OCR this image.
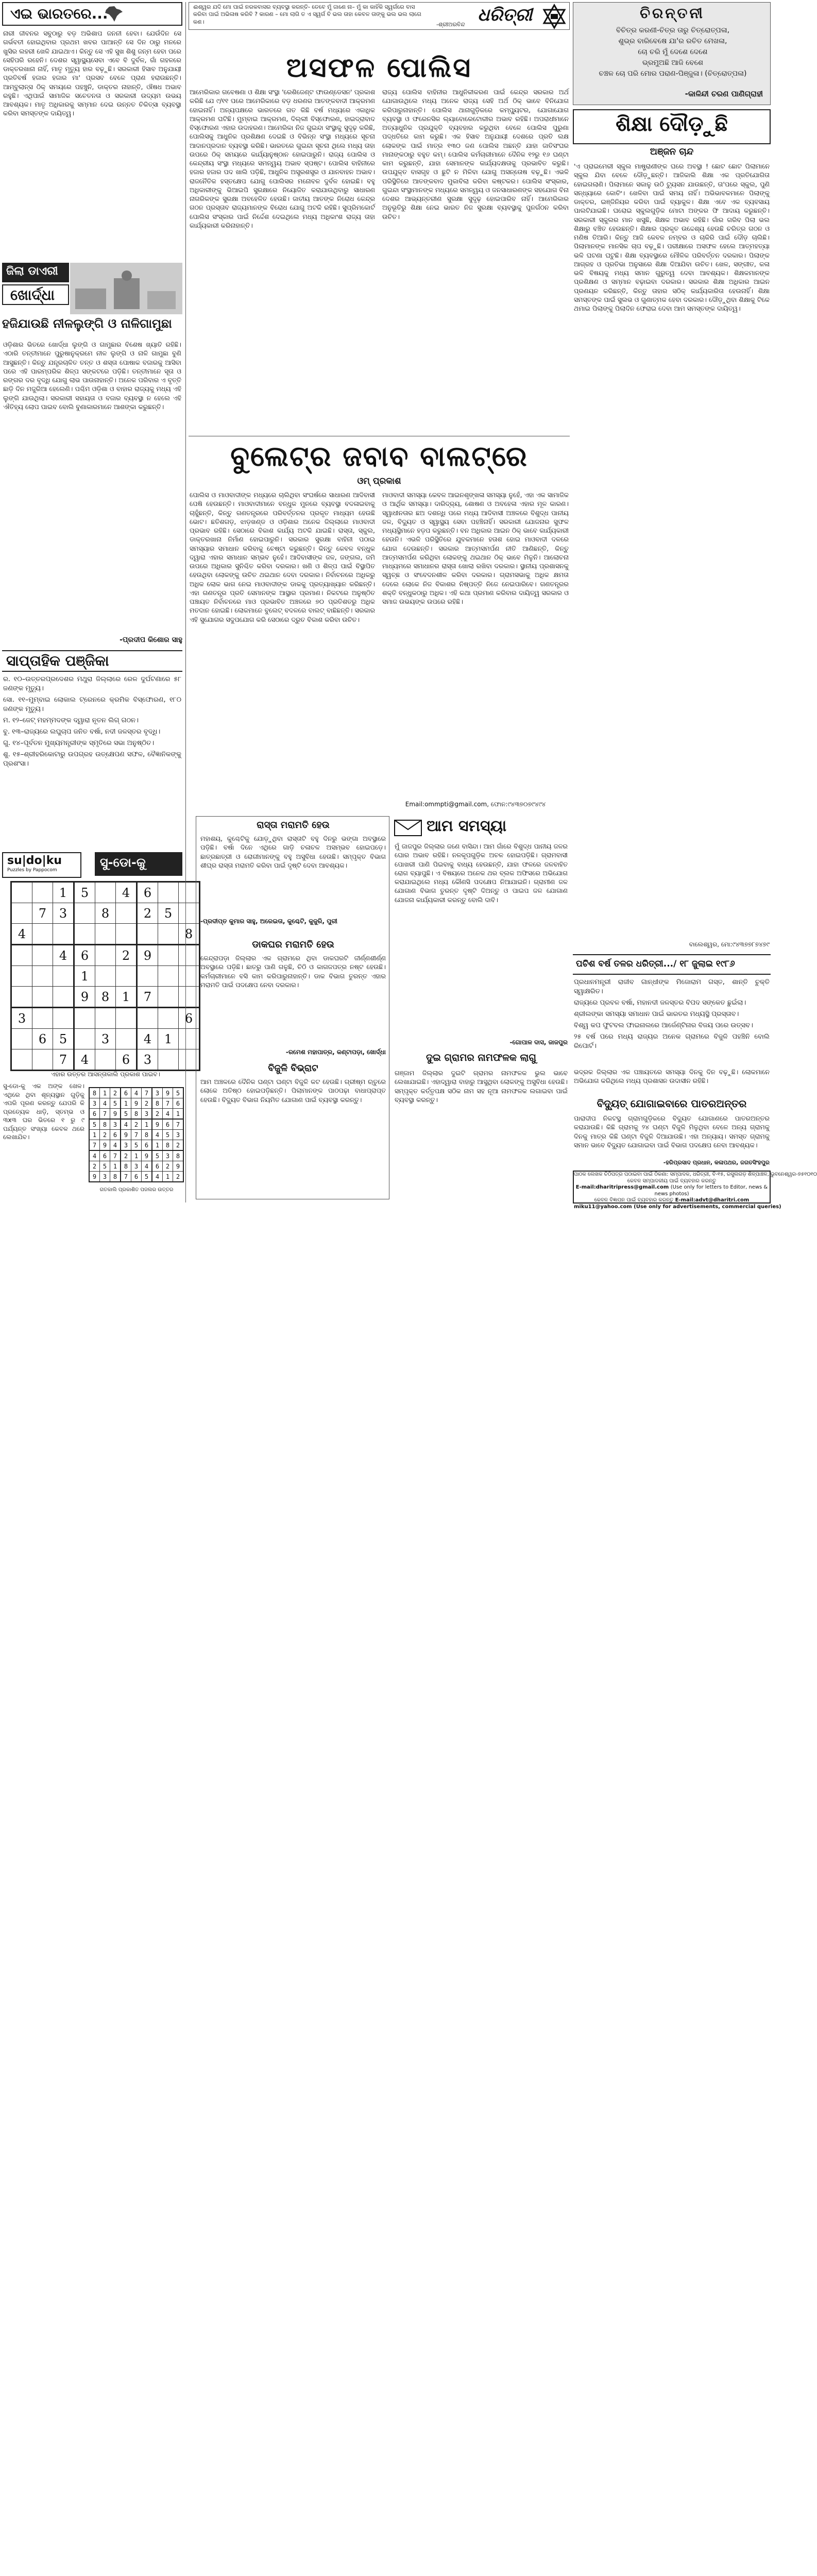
ଏଇ ଭାରତରେ...

ନାରୀ ଜୀବନର ସବୁଠାରୁ ବଡ଼ ଅଭିଶାପ ଜନନୀ ହେବା। ଯେଉଁଦିନ ସେ ଗର୍ଭବତୀ ହୋଇଥିବାର ପ୍ରଥମ ଖବର ପାଆନ୍ତି ସେ ଦିନ ଠାରୁ ମନରେ ଖୁସିର ଲହରୀ ଖେଳି ଯାଇଥାଏ। କିନ୍ତୁ ସେ ଏହି ସୁଖ ଶିଶୁ ଜନ୍ମ ହେବା ପରେ ସେହିପରି ରହେନି। ଦେଶର ସ୍ୱାସ୍ଥ୍ୟସେବା ଏବେ ବି ଦୁର୍ବଳ, ଗାଁ ଗହଳରେ ଡାକ୍ତରଖାନା ନାହିଁ, ମାତୃ ମୃତ୍ୟୁ ହାର ବଢ଼ୁଛି। ସରକାରୀ ହିସାବ ଅନୁଯାୟୀ ପ୍ରତିବର୍ଷ ହଜାର ହଜାର ମା' ପ୍ରସବ ବେଳେ ପ୍ରାଣ ହରାଉଛନ୍ତି। ଆମ୍ବୁଲାନ୍ସ ଠିକ୍ ସମୟରେ ପହଞ୍ଚୁନି, ଡାକ୍ତର ନାହାନ୍ତି, ଔଷଧ ଅଭାବ ରହୁଛି। ଏଥିପାଇଁ ସାମାଜିକ ସଚେତନତା ଓ ସରକାରୀ ଉଦ୍ୟମ ଉଭୟ ଆବଶ୍ୟକ। ମାତୃ ଅଧିକାରକୁ ସମ୍ମାନ ଦେଇ ଉନ୍ନତ ଚିକିତ୍ସା ବ୍ୟବସ୍ଥା କରିବା ସମସ୍ତଙ୍କ ଦାୟିତ୍ୱ।

ଜିଲା ଡାଏରୀ
ଖୋର୍ଦ୍ଧା
ହଜିଯାଉଛି ନୀଳଲୁଙ୍ଗି ଓ ନାଳିଗାମୁଛା

ଓଡ଼ିଶାର ଭିତରେ ଖୋର୍ଦ୍ଧା ଲୁଙ୍ଗି ଓ ଗାମୁଛାର ବିଶେଷ ଖ୍ୟାତି ରହିଛି। ଏଠାରି ତନ୍ତୀମାନେ ପୁରୁଷାନୁକ୍ରମେ ନୀଳ ଲୁଙ୍ଗି ଓ ନାଳି ଗାମୁଛା ବୁଣି ଆସୁଛନ୍ତି। କିନ୍ତୁ ଯନ୍ତ୍ରଚାଳିତ ତନ୍ତ ଓ ଶସ୍ତା ପୋଷାକ ବଜାରକୁ ଆସିବା ପରେ ଏହି ପାରମ୍ପରିକ ଶିଳ୍ପ ସଙ୍କଟରେ ପଡ଼ିଛି। ତନ୍ତୀମାନେ ସୂତା ଓ ରଙ୍ଗର ଦର ବୃଦ୍ଧି ଯୋଗୁ ଲାଭ ପାଉନାହାନ୍ତି। ଅନେକ ପରିବାର ଏ ବୃତ୍ତି ଛାଡ଼ି ଦିନ ମଜୁରିଆ ହେଲେଣି। ପଶ୍ଚିମ ଓଡ଼ିଶା ଓ ବାହାର ରାଜ୍ୟକୁ ମଧ୍ୟ ଏହି ଲୁଙ୍ଗି ଯାଉଥିଲା। ସରକାରୀ ସହାୟତା ଓ ବଜାର ବ୍ୟବସ୍ଥା ନ ହେଲେ ଏହି ଐତିହ୍ୟ ଲୋପ ପାଇବ ବୋଲି ବୁଣାକାରମାନେ ଆଶଙ୍କା କରୁଛନ୍ତି।

-ପ୍ରଦୀପ କିଶୋର ସାହୁ
ସାପ୍ତାହିକ ପଞ୍ଜିକା

ର. ୧୦–ଉତ୍ତରପ୍ରଦେଶର ମଥୁରା ଜିଲ୍ଲାରେ ରେଳ ଦୁର୍ଘଟଣାରେ ୫୮ ଜଣଙ୍କ ମୃତ୍ୟୁ।

ସୋ. ୧୧–ମୁମ୍ବାଇ ଲୋକାଲ ଟ୍ରେନରେ କ୍ରମିକ ବିସ୍ଫୋରଣ, ୧୮୦ ଜଣଙ୍କ ମୃତ୍ୟୁ।

ମ. ୧୨–ଜେଟ୍ ମହମ୍ମଦଙ୍କ ଦ୍ୱାରା ନୂତନ ଲିଗ୍ ଗଠନ।

ବୁ. ୧୩–ରାଜ୍ୟରେ ଲଘୁଚାପ ଜନିତ ବର୍ଷା, ନଦୀ ଜଳସ୍ତର ବୃଦ୍ଧି।

ଗୁ. ୧୪–ପୂର୍ବତନ ମୁଖ୍ୟମନ୍ତ୍ରୀଙ୍କ ସ୍ମୃତିରେ ସଭା ଅନୁଷ୍ଠିତ।

ଶୁ. ୧୫–ଶ୍ରୀହରିକୋଟାରୁ ଉପଗ୍ରହ ଉତ୍କ୍ଷେପଣ ସଫଳ, ବୈଜ୍ଞାନିକଙ୍କୁ ପ୍ରଶଂସା।

su|do|ku
Puzzles by Pappocom
ସୁ-ଡୋ-କୁ
		1	5		4	6		
	7	3		8		2	5	
4								8
		4	6		2	9		
			1					
			9	8	1	7		
3								6
	6	5		3		4	1	
		7	4		6	3		
ଏହାର ଉତ୍ତର ଆସନ୍ତାକାଲି ପ୍ରକାଶ ପାଇବ।

ସୁ-ଡୋ-କୁ ଏକ ଅଙ୍କ ଖେଳ। ଏଥିରେ ଥିବା ଶୂନ୍ୟସ୍ଥାନ ଗୁଡ଼ିକୁ ଏପରି ପୂରଣ କରନ୍ତୁ ଯେପରି କି ପ୍ରତ୍ୟେକ ଧାଡ଼ି, ସ୍ତମ୍ଭ ଓ ୩x୩ ଘର ଭିତରେ ୧ ରୁ ୯ ପର୍ଯ୍ୟନ୍ତ ସଂଖ୍ୟା କେବଳ ଥରେ ଲେଖାଯିବ।

8	1	2	6	4	7	3	9	5
3	4	5	1	9	2	8	7	6
6	7	9	5	8	3	2	4	1
5	8	3	4	2	1	9	6	7
1	2	6	9	7	8	4	5	3
7	9	4	3	5	6	1	8	2
4	6	7	2	1	9	5	3	8
2	5	1	8	3	4	6	2	9
9	3	8	7	6	5	4	1	2
ଗତକାଲି ପ୍ରକାଶିତ ପଜଲର ଉତ୍ତର
ଈଶ୍ୱର ଯଦି ମୋ ପାଇଁ ନରକବାସର ବ୍ୟବସ୍ଥା କରନ୍ତି- ତେବେ ମୁଁ ଜାଣେ ନା– ମୁଁ କା କାହିଁକି ସ୍ୱର୍ଗରେ ବାସ କରିବା ପାଇଁ ଅଭିଳାଷ କରିବି ? କାରଣ – ମୋ ଲାଗି ତ ଏ ସ୍ୱର୍ଗ ବି ଭଲ ତାହା କେବଳ ତାଙ୍କୁ ଭଲ ଭଲ ଲାଗେ କଣ।	-ଶ୍ରୀଅରବିନ୍ଦ ଧରିତ୍ରୀ	ଚିରନ୍ତନୀ
ବିଚିତ୍ର କରଣୀ-ଚିତ୍ର ତାରୁ ଚିତ୍ରୋତ୍ପଳା,
ଶୁଭ୍ର ବାରିବେଷେ ଯା'ର ରଚିତ ମେଖଳା,
ଚୋ ଚରି ମୁଁ ଦେଶେ ଦେଶେ
ଭ୍ରମୁଅଛି ଆଜି ବେଶେ
ଚଞ୍ଚଳ ଚୋ ପରି ମୋର ପରାଣ-ପିଞ୍ଜୁଳା। (ଚିତ୍ରୋତ୍ପଳା)
-କାଳିନ୍ଦୀ ଚରଣ ପାଣିଗ୍ରାହୀ
ଅସଫଳ ପୋଲିସ

ଆମେରିକାର ଗବେଷଣା ଓ ଶିକ୍ଷା ସଂସ୍ଥା 'ରେଶିଜେଣ୍ଟ ଫାଉଣ୍ଡେସନ' ପ୍ରକାଶ କରିଛି ଯେ ୯/୧୧ ପରେ ଆମେରିକାରେ ବଡ଼ ଧରଣର ଆତଙ୍କବାଦୀ ଆକ୍ରମଣ ହୋଇନାହିଁ। ଅନ୍ୟପକ୍ଷରେ ଭାରତରେ ଗତ କିଛି ବର୍ଷ ମଧ୍ୟରେ ଏକାଧିକ ଆକ୍ରମଣ ଘଟିଛି। ମୁମ୍ବାଇ ଆକ୍ରମଣ, ଦିଲ୍ଲୀ ବିସ୍ଫୋରଣ, ହାଇଦ୍ରାବାଦ ବିସ୍ଫୋରଣ ଏହାର ଉଦାହରଣ। ଆମେରିକା ନିଜ ଗୁଇନ୍ଦା ସଂସ୍ଥାକୁ ସୁଦୃଢ଼ କରିଛି, ପୋଲିସକୁ ଆଧୁନିକ ପ୍ରଶିକ୍ଷଣ ଦେଇଛି ଓ ବିଭିନ୍ନ ସଂସ୍ଥା ମଧ୍ୟରେ ସୂଚନା ଆଦାନପ୍ରଦାନ ବ୍ୟବସ୍ଥା କରିଛି। ଭାରତରେ ଗୁଇନ୍ଦା ସୂଚନା ଥିଲେ ମଧ୍ୟ ତାହା ଉପରେ ଠିକ୍ ସମୟରେ କାର୍ଯ୍ୟାନୁଷ୍ଠାନ ହୋଇପାରୁନି। ରାଜ୍ୟ ପୋଲିସ ଓ କେନ୍ଦ୍ରୀୟ ସଂସ୍ଥା ମଧ୍ୟରେ ସମନ୍ୱୟ ଅଭାବ ସ୍ପଷ୍ଟ। ପୋଲିସ ବାହିନୀରେ ହଜାର ହଜାର ପଦ ଖାଲି ପଡ଼ିଛି, ଆଧୁନିକ ଅସ୍ତ୍ରଶସ୍ତ୍ର ଓ ଯାନବାହନ ଅଭାବ। ରାଜନୈତିକ ହସ୍ତକ୍ଷେପ ଯୋଗୁ ପୋଲିସର ମନୋବଳ ଦୁର୍ବଳ ହୋଇଛି। ବହୁ ଅଧିକାରୀଙ୍କୁ ଭିଆଇପି ସୁରକ୍ଷାରେ ନିୟୋଜିତ କରାଯାଉଥିବାରୁ ସାଧାରଣ ନାଗରିକଙ୍କ ସୁରକ୍ଷା ଅବହେଳିତ ହେଉଛି। ଜାତୀୟ ଆତଙ୍କ ନିରୋଧ କେନ୍ଦ୍ର ଗଠନ ପ୍ରସ୍ତାବ ରାଜ୍ୟମାନଙ୍କ ବିରୋଧ ଯୋଗୁ ଅଟକି ରହିଛି। ସୁପ୍ରିମକୋର୍ଟ ପୋଲିସ ସଂସ୍କାର ପାଇଁ ନିର୍ଦ୍ଦେଶ ଦେଇଥିଲେ ମଧ୍ୟ ଅଧିକାଂଶ ରାଜ୍ୟ ତାହା କାର୍ଯ୍ୟକାରୀ କରିନାହାନ୍ତି।

ରାଜ୍ୟ ପୋଲିସ ବାହିନୀର ଆଧୁନିକୀକରଣ ପାଇଁ କେନ୍ଦ୍ର ସରକାର ଅର୍ଥ ଯୋଗାଉଥିଲେ ମଧ୍ୟ ଅନେକ ରାଜ୍ୟ ସେହି ଅର୍ଥ ଠିକ୍ ଭାବେ ବିନିଯୋଗ କରିପାରୁନାହାନ୍ତି। ପୋଲିସ ଥାନାଗୁଡ଼ିକରେ କମ୍ପ୍ୟୁଟର, ଯୋଗାଯୋଗ ବ୍ୟବସ୍ଥା ଓ ଫରେନସିକ ଲ୍ୟାବୋରେଟୋରୀର ଅଭାବ ରହିଛି। ଅପରାଧୀମାନେ ଅତ୍ୟାଧୁନିକ ପ୍ରଯୁକ୍ତି ବ୍ୟବହାର କରୁଥିବା ବେଳେ ପୋଲିସ ପୁରୁଣା ପଦ୍ଧତିରେ କାମ କରୁଛି। ଏକ ହିସାବ ଅନୁଯାୟୀ ଦେଶରେ ପ୍ରତି ଲକ୍ଷ ଲୋକଙ୍କ ପାଇଁ ମାତ୍ର ୧୩୦ ଜଣ ପୋଲିସ ଅଛନ୍ତି ଯାହା ଜାତିସଂଘର ମାନାଙ୍କଠାରୁ ବହୁତ କମ୍। ପୋଲିସ କର୍ମଚାରୀମାନେ ଦୈନିକ ୧୨ରୁ ୧୬ ଘଣ୍ଟା କାମ କରୁଛନ୍ତି, ଯାହା ସେମାନଙ୍କ କାର୍ଯ୍ୟଦକ୍ଷତାକୁ ପ୍ରଭାବିତ କରୁଛି। ଉପଯୁକ୍ତ ବାସଗୃହ ଓ ଛୁଟି ନ ମିଳିବା ଯୋଗୁ ଅସନ୍ତୋଷ ବଢ଼ୁଛି। ଏଭଳି ପରିସ୍ଥିତିରେ ଆତଙ୍କବାଦ ମୁକାବିଲା କରିବା କଷ୍ଟକର। ପୋଲିସ ସଂସ୍କାର, ଗୁଇନ୍ଦା ସଂସ୍ଥାମାନଙ୍କ ମଧ୍ୟରେ ସମନ୍ୱୟ ଓ ଜନସାଧାରଣଙ୍କ ସହଯୋଗ ବିନା ଦେଶର ଆଭ୍ୟନ୍ତରୀଣ ସୁରକ୍ଷା ସୁଦୃଢ଼ ହୋଇପାରିବ ନାହିଁ। ଆମେରିକାର ଅନୁଭୂତିରୁ ଶିକ୍ଷା ନେଇ ଭାରତ ନିଜ ସୁରକ୍ଷା ବ୍ୟବସ୍ଥାକୁ ପୁନର୍ଗଠନ କରିବା ଉଚିତ।

ଶିକ୍ଷା ଦୌଡ଼ୁଛି
ଅଞ୍ଜନ ଚାନ୍ଦ

'ଏ ପ୍ରାଇମେରୀ ସ୍କୁଲ ମାଷ୍ଟ୍ରାଣୀଙ୍କ ଘରେ ଅବସ୍ଥା ! ଛୋଟ ଛୋଟ ପିଲାମାନେ ସ୍କୁଲ ଯିବା ବେଳେ ଦୌଡ଼ୁଛନ୍ତି। ଆଜିକାଲି ଶିକ୍ଷା ଏକ ପ୍ରତିଯୋଗିତା ହୋଇଗଲାଣି। ପିଲାମାନେ ସକାଳୁ ଉଠି ଟ୍ୟୁସନ ଯାଉଛନ୍ତି, ତା'ପରେ ସ୍କୁଲ, ପୁଣି ସନ୍ଧ୍ୟାରେ କୋଚିଂ। ଖେଳିବା ପାଇଁ ସମୟ ନାହିଁ। ଅଭିଭାବକମାନେ ପିଲାଙ୍କୁ ଡାକ୍ତର, ଇଞ୍ଜିନିୟର କରିବା ପାଇଁ ବ୍ୟାକୁଳ। ଶିକ୍ଷା ଏବେ ଏକ ବ୍ୟବସାୟ ପାଲଟିଯାଇଛି। ଘରୋଇ ସ୍କୁଲଗୁଡ଼ିକ ମୋଟା ଅଙ୍କର ଫି ଆଦାୟ କରୁଛନ୍ତି। ସରକାରୀ ସ୍କୁଲର ମାନ ଖସୁଛି, ଶିକ୍ଷକ ଅଭାବ ରହିଛି। ଗାଁର ଗରିବ ପିଲା ଭଲ ଶିକ୍ଷାରୁ ବଞ୍ଚିତ ହେଉଛନ୍ତି। ଶିକ୍ଷାର ପ୍ରକୃତ ଉଦ୍ଦେଶ୍ୟ ହେଉଛି ଚରିତ୍ର ଗଠନ ଓ ମଣିଷ ତିଆରି। କିନ୍ତୁ ଆଜି କେବଳ ନମ୍ବର ଓ ଚାକିରି ପାଇଁ ଦୌଡ଼ ଚାଲିଛି। ପିଲାମାନଙ୍କ ମାନସିକ ଚାପ ବଢ଼ୁଛି। ପରୀକ୍ଷାରେ ଅସଫଳ ହେଲେ ଆତ୍ମହତ୍ୟା ଭଳି ଘଟଣା ଘଟୁଛି। ଶିକ୍ଷା ବ୍ୟବସ୍ଥାରେ ମୌଳିକ ପରିବର୍ତ୍ତନ ଦରକାର। ପିଲାଙ୍କ ଆଗ୍ରହ ଓ ପ୍ରତିଭା ଅନୁସାରେ ଶିକ୍ଷା ଦିଆଯିବା ଉଚିତ। ଖେଳ, ସଙ୍ଗୀତ, କଳା ଭଳି ବିଷୟକୁ ମଧ୍ୟ ସମାନ ଗୁରୁତ୍ୱ ଦେବା ଆବଶ୍ୟକ। ଶିକ୍ଷକମାନଙ୍କ ପ୍ରଶିକ୍ଷଣ ଓ ସମ୍ମାନ ବଢ଼ାଇବା ଦରକାର। ସରକାର ଶିକ୍ଷା ଅଧିକାର ଆଇନ ପ୍ରଣୟନ କରିଛନ୍ତି, କିନ୍ତୁ ତାହାର ସଠିକ୍ କାର୍ଯ୍ୟକାରିତା ହେଉନାହିଁ। ଶିକ୍ଷା ସମସ୍ତଙ୍କ ପାଇଁ ସୁଲଭ ଓ ଗୁଣାତ୍ମକ ହେବା ଦରକାର। ଦୌଡ଼ୁଥିବା ଶିକ୍ଷାକୁ ଟିକେ ଥମାଇ ପିଲାଙ୍କୁ ପିଲାଦିନ ଫେରାଇ ଦେବା ଆମ ସମସ୍ତଙ୍କ ଦାୟିତ୍ୱ।

ବାଲେଶ୍ୱର, ମୋ:୯୪୩୭୭୮୭୪୭୯
ବୁଲେଟ୍‌ର ଜବାବ ବାଲଟ୍‌ରେ
ଓମ୍ ପ୍ରକାଶ

ପୋଲିସ ଓ ମାଓବାଦୀଙ୍କ ମଧ୍ୟରେ ଚାଲିଥିବା ସଂଘର୍ଷରେ ସାଧାରଣ ଆଦିବାସୀ ପେଷି ହେଉଛନ୍ତି। ମାଓବାଦୀମାନେ ବନ୍ଧୁକ ମୁନରେ ବ୍ୟବସ୍ଥା ବଦଳାଇବାକୁ ଚାହୁଁଛନ୍ତି, କିନ୍ତୁ ଗଣତନ୍ତ୍ରରେ ପରିବର୍ତ୍ତନର ପ୍ରକୃତ ମାଧ୍ୟମ ହେଉଛି ଭୋଟ। ଛତିଶଗଡ଼, ଝାଡ଼ଖଣ୍ଡ ଓ ଓଡ଼ିଶାର ଅନେକ ଜିଲ୍ଲାରେ ମାଓବାଦୀ ପ୍ରଭାବ ରହିଛି। ସେଠାରେ ବିକାଶ କାର୍ଯ୍ୟ ଅଟକି ଯାଇଛି। ରାସ୍ତା, ସ୍କୁଲ, ଡାକ୍ତରଖାନା ନିର୍ମାଣ ହୋଇପାରୁନି। ସରକାର ସୁରକ୍ଷା ବାହିନୀ ପଠାଇ ସମସ୍ୟାର ସମାଧାନ କରିବାକୁ ଚେଷ୍ଟା କରୁଛନ୍ତି। କିନ୍ତୁ କେବଳ ବନ୍ଧୁକ ଦ୍ୱାରା ଏହାର ସମାଧାନ ସମ୍ଭବ ନୁହେଁ। ଆଦିବାସୀଙ୍କ ଜଳ, ଜଙ୍ଗଲ, ଜମି ଉପରେ ଅଧିକାର ସୁନିଶ୍ଚିତ କରିବା ଦରକାର। ଖଣି ଓ ଶିଳ୍ପ ପାଇଁ ବିସ୍ଥାପିତ ହେଉଥିବା ଲୋକଙ୍କୁ ଉଚିତ ଥଇଥାନ ଦେବା ଦରକାର। ନିର୍ବାଚନରେ ଅଧିକରୁ ଅଧିକ ଲୋକ ଭାଗ ନେଇ ମାଓବାଦୀଙ୍କ ଡାକକୁ ପ୍ରତ୍ୟାଖ୍ୟାନ କରିଛନ୍ତି। ଏହା ଗଣତନ୍ତ୍ର ପ୍ରତି ସେମାନଙ୍କ ଆସ୍ଥାର ପ୍ରମାଣ। ନିକଟରେ ଅନୁଷ୍ଠିତ ପଞ୍ଚାୟତ ନିର୍ବାଚନରେ ମାଓ ପ୍ରଭାବିତ ଅଞ୍ଚଳରେ ୭୦ ପ୍ରତିଶତରୁ ଅଧିକ ମତଦାନ ହୋଇଛି। ଲୋକମାନେ ବୁଲେଟ୍ ବଦଳରେ ବାଲଟ୍ ବାଛିଛନ୍ତି। ସରକାର ଏହି ସୁଯୋଗର ସଦୁପଯୋଗ କରି ସେଠାରେ ଦ୍ରୁତ ବିକାଶ କରିବା ଉଚିତ।

ମାଓବାଦୀ ସମସ୍ୟା କେବଳ ଆଇନଶୃଙ୍ଖଳା ସମସ୍ୟା ନୁହେଁ, ଏହା ଏକ ସାମାଜିକ ଓ ଆର୍ଥିକ ସମସ୍ୟା। ଦାରିଦ୍ର୍ୟ, ଶୋଷଣ ଓ ଅବହେଳା ଏହାର ମୂଳ କାରଣ। ସ୍ୱାଧୀନତାର ଛଅ ଦଶନ୍ଧି ପରେ ମଧ୍ୟ ଆଦିବାସୀ ଅଞ୍ଚଳରେ ବିଶୁଦ୍ଧ ପାନୀୟ ଜଳ, ବିଦ୍ୟୁତ ଓ ସ୍ୱାସ୍ଥ୍ୟ ସେବା ପହଞ୍ଚିନାହିଁ। ସରକାରୀ ଯୋଜନାର ସୁଫଳ ମଧ୍ୟସ୍ଥିମାନେ ହଡ଼ପ କରୁଛନ୍ତି। ବନ ଅଧିକାର ଆଇନ ଠିକ୍ ଭାବେ କାର୍ଯ୍ୟକାରୀ ହେଉନି। ଏଭଳି ପରିସ୍ଥିତିରେ ଯୁବକମାନେ ହତାଶ ହୋଇ ମାଓବାଦୀ ଦଳରେ ଯୋଗ ଦେଉଛନ୍ତି। ସରକାର ଆତ୍ମସମର୍ପଣ ନୀତି ଆଣିଛନ୍ତି, କିନ୍ତୁ ଆତ୍ମସମର୍ପଣ କରିଥିବା ଲୋକଙ୍କୁ ଥଇଥାନ ଠିକ୍ ଭାବେ ମିଳୁନି। ଆଲୋଚନା ମାଧ୍ୟମରେ ସମାଧାନର ରାସ୍ତା ଖୋଲା ରଖିବା ଦରକାର। ସ୍ଥାନୀୟ ପ୍ରଶାସନକୁ ସ୍ୱଚ୍ଛ ଓ ସଂବେଦନଶୀଳ କରିବା ଦରକାର। ଗ୍ରାମସଭାକୁ ଅଧିକ କ୍ଷମତା ଦେଲେ ଲୋକେ ନିଜ ବିକାଶର ନିଷ୍ପତ୍ତି ନିଜେ ନେଇପାରିବେ। ଗଣତନ୍ତ୍ରର ଶକ୍ତି ବନ୍ଧୁକଠାରୁ ଅଧିକ। ଏହି କଥା ପ୍ରମାଣ କରିବାର ଦାୟିତ୍ୱ ସରକାର ଓ ସମାଜ ଉଭୟଙ୍କ ଉପରେ ରହିଛି।

Email:ommpti@gmail.com, ଫୋନ:୯୪୩୭୦୭୯୪୯୪
ରାସ୍ତା ମରାମତି ହେଉ

ମହାଶୟ, କୁଶ୍ଚେଟିକୁ ଯୋଡ଼ୁଥିବା ରାସ୍ତାଟି ବହୁ ଦିନରୁ ଭଙ୍ଗା ଅବସ୍ଥାରେ ପଡ଼ିଛି। ବର୍ଷା ଦିନେ ଏଥିରେ ଗାଡ଼ି ଚଳାଚଳ ଅସମ୍ଭବ ହୋଇପଡ଼େ। ଛାତ୍ରଛାତ୍ରୀ ଓ ରୋଗୀମାନଙ୍କୁ ବହୁ ଅସୁବିଧା ହେଉଛି। ସମ୍ପୃକ୍ତ ବିଭାଗ ଶୀଘ୍ର ରାସ୍ତା ମରାମତି କରିବା ପାଇଁ ଦୃଷ୍ଟି ଦେବା ଆବଶ୍ୟକ।

-ପ୍ରଦୀପ୍ତ କୁମାର ସାହୁ, ଅରେଇତା, କୁଶ୍ଚେଟି, କୁଜୁରି, ପୁରୀ
ଡାକଘର ମରାମତି ହେଉ

କେନ୍ଦ୍ରାପଡ଼ା ଜିଲ୍ଲାର ଏକ ଗ୍ରାମରେ ଥିବା ଡାକଘରଟି ଜୀର୍ଣ୍ଣଶୀର୍ଣ୍ଣ ଅବସ୍ଥାରେ ପଡ଼ିଛି। ଛାତରୁ ପାଣି ଗଳୁଛି, ଚିଠି ଓ କାଗଜପତ୍ର ନଷ୍ଟ ହେଉଛି। କର୍ମଚାରୀମାନେ ବସି କାମ କରିପାରୁନାହାନ୍ତି। ଡାକ ବିଭାଗ ତୁରନ୍ତ ଏହାର ମରାମତି ପାଇଁ ପଦକ୍ଷେପ ନେବା ଦରକାର।

-ରମେଶ ମହାପାତ୍ର, କଣ୍ଟାପଡ଼ା, ଖୋର୍ଦ୍ଧା
ବିଜୁଳି ବିଭ୍ରାଟ

ଆମ ଅଞ୍ଚଳରେ ଦୈନିକ ଘଣ୍ଟା ଘଣ୍ଟା ବିଜୁଳି କଟ ହେଉଛି। ଗ୍ରୀଷ୍ମ ଋତୁରେ ଲୋକେ ଅତିଷ୍ଠ ହୋଇପଡ଼ିଛନ୍ତି। ପିଲାମାନଙ୍କ ପାଠପଢ଼ା ବାଧାପ୍ରାପ୍ତ ହେଉଛି। ବିଦ୍ୟୁତ ବିଭାଗ ନିୟମିତ ଯୋଗାଣ ପାଇଁ ବ୍ୟବସ୍ଥା କରନ୍ତୁ।

ଆମ ସମସ୍ୟା

ମୁଁ ଜାଜପୁର ଜିଲ୍ଲାର ଜଣେ ବାସିନ୍ଦା। ଆମ ଗାଁରେ ବିଶୁଦ୍ଧ ପାନୀୟ ଜଳର ଘୋର ଅଭାବ ରହିଛି। ନଳକୂପଗୁଡ଼ିକ ଅଚଳ ହୋଇପଡ଼ିଛି। ଗ୍ରାମବାସୀ ପୋଖରୀ ପାଣି ପିଇବାକୁ ବାଧ୍ୟ ହେଉଛନ୍ତି, ଯାହା ଫଳରେ ଜଳବାହିତ ରୋଗ ବ୍ୟାପୁଛି। ଏ ବିଷୟରେ ଅନେକ ଥର ବ୍ଲକ ଅଫିସରେ ଅଭିଯୋଗ କରାଯାଇଥିଲେ ମଧ୍ୟ କୌଣସି ପଦକ୍ଷେପ ନିଆଯାଇନି। ଗ୍ରାମୀଣ ଜଳ ଯୋଗାଣ ବିଭାଗ ତୁରନ୍ତ ଦୃଷ୍ଟି ଦିଅନ୍ତୁ ଓ ପାଇପ ଜଳ ଯୋଗାଣ ଯୋଜନା କାର୍ଯ୍ୟକାରୀ କରନ୍ତୁ ବୋଲି ଦାବି।

-ଗୋପାଳ ଦାସ, ଜାଜପୁର
ଦୁଇ ଗ୍ରାମର ନାମଫଳକ ଲାଗୁ

ଗଞ୍ଜାମ ଜିଲ୍ଲାର ଦୁଇଟି ଗ୍ରାମର ନାମଫଳକ ଭୁଲ ଭାବେ ଲେଖାଯାଇଛି। ଏହାଦ୍ୱାରା ବାହାରୁ ଆସୁଥିବା ଲୋକଙ୍କୁ ଅସୁବିଧା ହେଉଛି। ସମ୍ପୃକ୍ତ କର୍ତ୍ତୃପକ୍ଷ ସଠିକ ନାମ ସହ ନୂଆ ନାମଫଳକ ଲଗାଇବା ପାଇଁ ବ୍ୟବସ୍ଥା କରନ୍ତୁ।

ପଚିଶ ବର୍ଷ ତଳର ଧରିତ୍ରୀ.../ ୧୮ ଜୁଲାଇ ୧୯୮୬

ପ୍ରଧାନମନ୍ତ୍ରୀ ରାଜୀବ ଗାନ୍ଧୀଙ୍କ ମିଜୋରାମ ଗସ୍ତ, ଶାନ୍ତି ଚୁକ୍ତି ସ୍ୱାକ୍ଷରିତ।

ରାଜ୍ୟରେ ପ୍ରବଳ ବର୍ଷା, ମହାନଦୀ ଜଳସ୍ତର ବିପଦ ସଙ୍କେତ ଛୁଇଁଲା।

ଶ୍ରୀଲଙ୍କା ସମସ୍ୟା ସମାଧାନ ପାଇଁ ଭାରତର ମଧ୍ୟସ୍ଥି ପ୍ରସ୍ତାବ।

ବିଶ୍ୱ କପ ଫୁଟବଲ ଫାଇନାଲରେ ଆର୍ଜେଣ୍ଟିନାର ବିଜୟ ପରେ ଉତ୍ସବ।

୨୫ ବର୍ଷ ପରେ ମଧ୍ୟ ରାଜ୍ୟର ଅନେକ ଗ୍ରାମରେ ବିଜୁଳି ପହଞ୍ଚିନି ବୋଲି ରିପୋର୍ଟ।

ଭଦ୍ରକ ଜିଲ୍ଲାର ଏକ ପଞ୍ଚାୟତରେ ସମସ୍ୟା ଦିନକୁ ଦିନ ବଢ଼ୁଛି। ଲୋକମାନେ ଅଭିଯୋଗ କରିଥିଲେ ମଧ୍ୟ ପ୍ରଶାସନ ଉଦାସୀନ ରହିଛି।

ବିଦ୍ୟୁତ୍ ଯୋଗାଇବାରେ ପାତରଅନ୍ତର

ପାରାଦୀପ ନିକଟସ୍ଥ ଗ୍ରାମଗୁଡ଼ିକରେ ବିଦ୍ୟୁତ ଯୋଗାଣରେ ପାତରଅନ୍ତର କରାଯାଉଛି। କିଛି ଗ୍ରାମକୁ ୨୪ ଘଣ୍ଟା ବିଜୁଳି ମିଳୁଥିବା ବେଳେ ଅନ୍ୟ ଗ୍ରାମକୁ ଦିନକୁ ମାତ୍ର କିଛି ଘଣ୍ଟା ବିଜୁଳି ଦିଆଯାଉଛି। ଏହା ଅନ୍ୟାୟ। ସମସ୍ତ ଗ୍ରାମକୁ ସମାନ ଭାବେ ବିଦ୍ୟୁତ ଯୋଗାଇବା ପାଇଁ ବିଭାଗ ପଦକ୍ଷେପ ନେବା ଆବଶ୍ୟକ।

-ହରିପ୍ରସାଦ ପ୍ରଧାନ, କଳାପଥର, ଜଗତସିଂହପୁର
ପାଠକ ଲେଖକ ଚିଠିପତ୍ର ପଠାଇବା ପାଇଁ ଠିକଣା: ସମ୍ପାଦକ, ଧରିତ୍ରୀ, ବି-୧୫, ରସୁଲଗଡ଼ ଶିଳ୍ପାଞ୍ଚଳ, ଭୁବନେଶ୍ୱର-୭୫୧୦୧୦
କେବଳ ସମ୍ପାଦକୀୟ ପାଇଁ ବ୍ୟବହାର କରନ୍ତୁ
E-mail:dharitripress@gmail.com (Use only for letters to Editor, news & news photos)
କେବଳ ବିଜ୍ଞାପନ ପାଇଁ ବ୍ୟବହାର କରନ୍ତୁ E-mail:advt@dharitri.com
miku11@yahoo.com (Use only for advertisements, commercial queries)
